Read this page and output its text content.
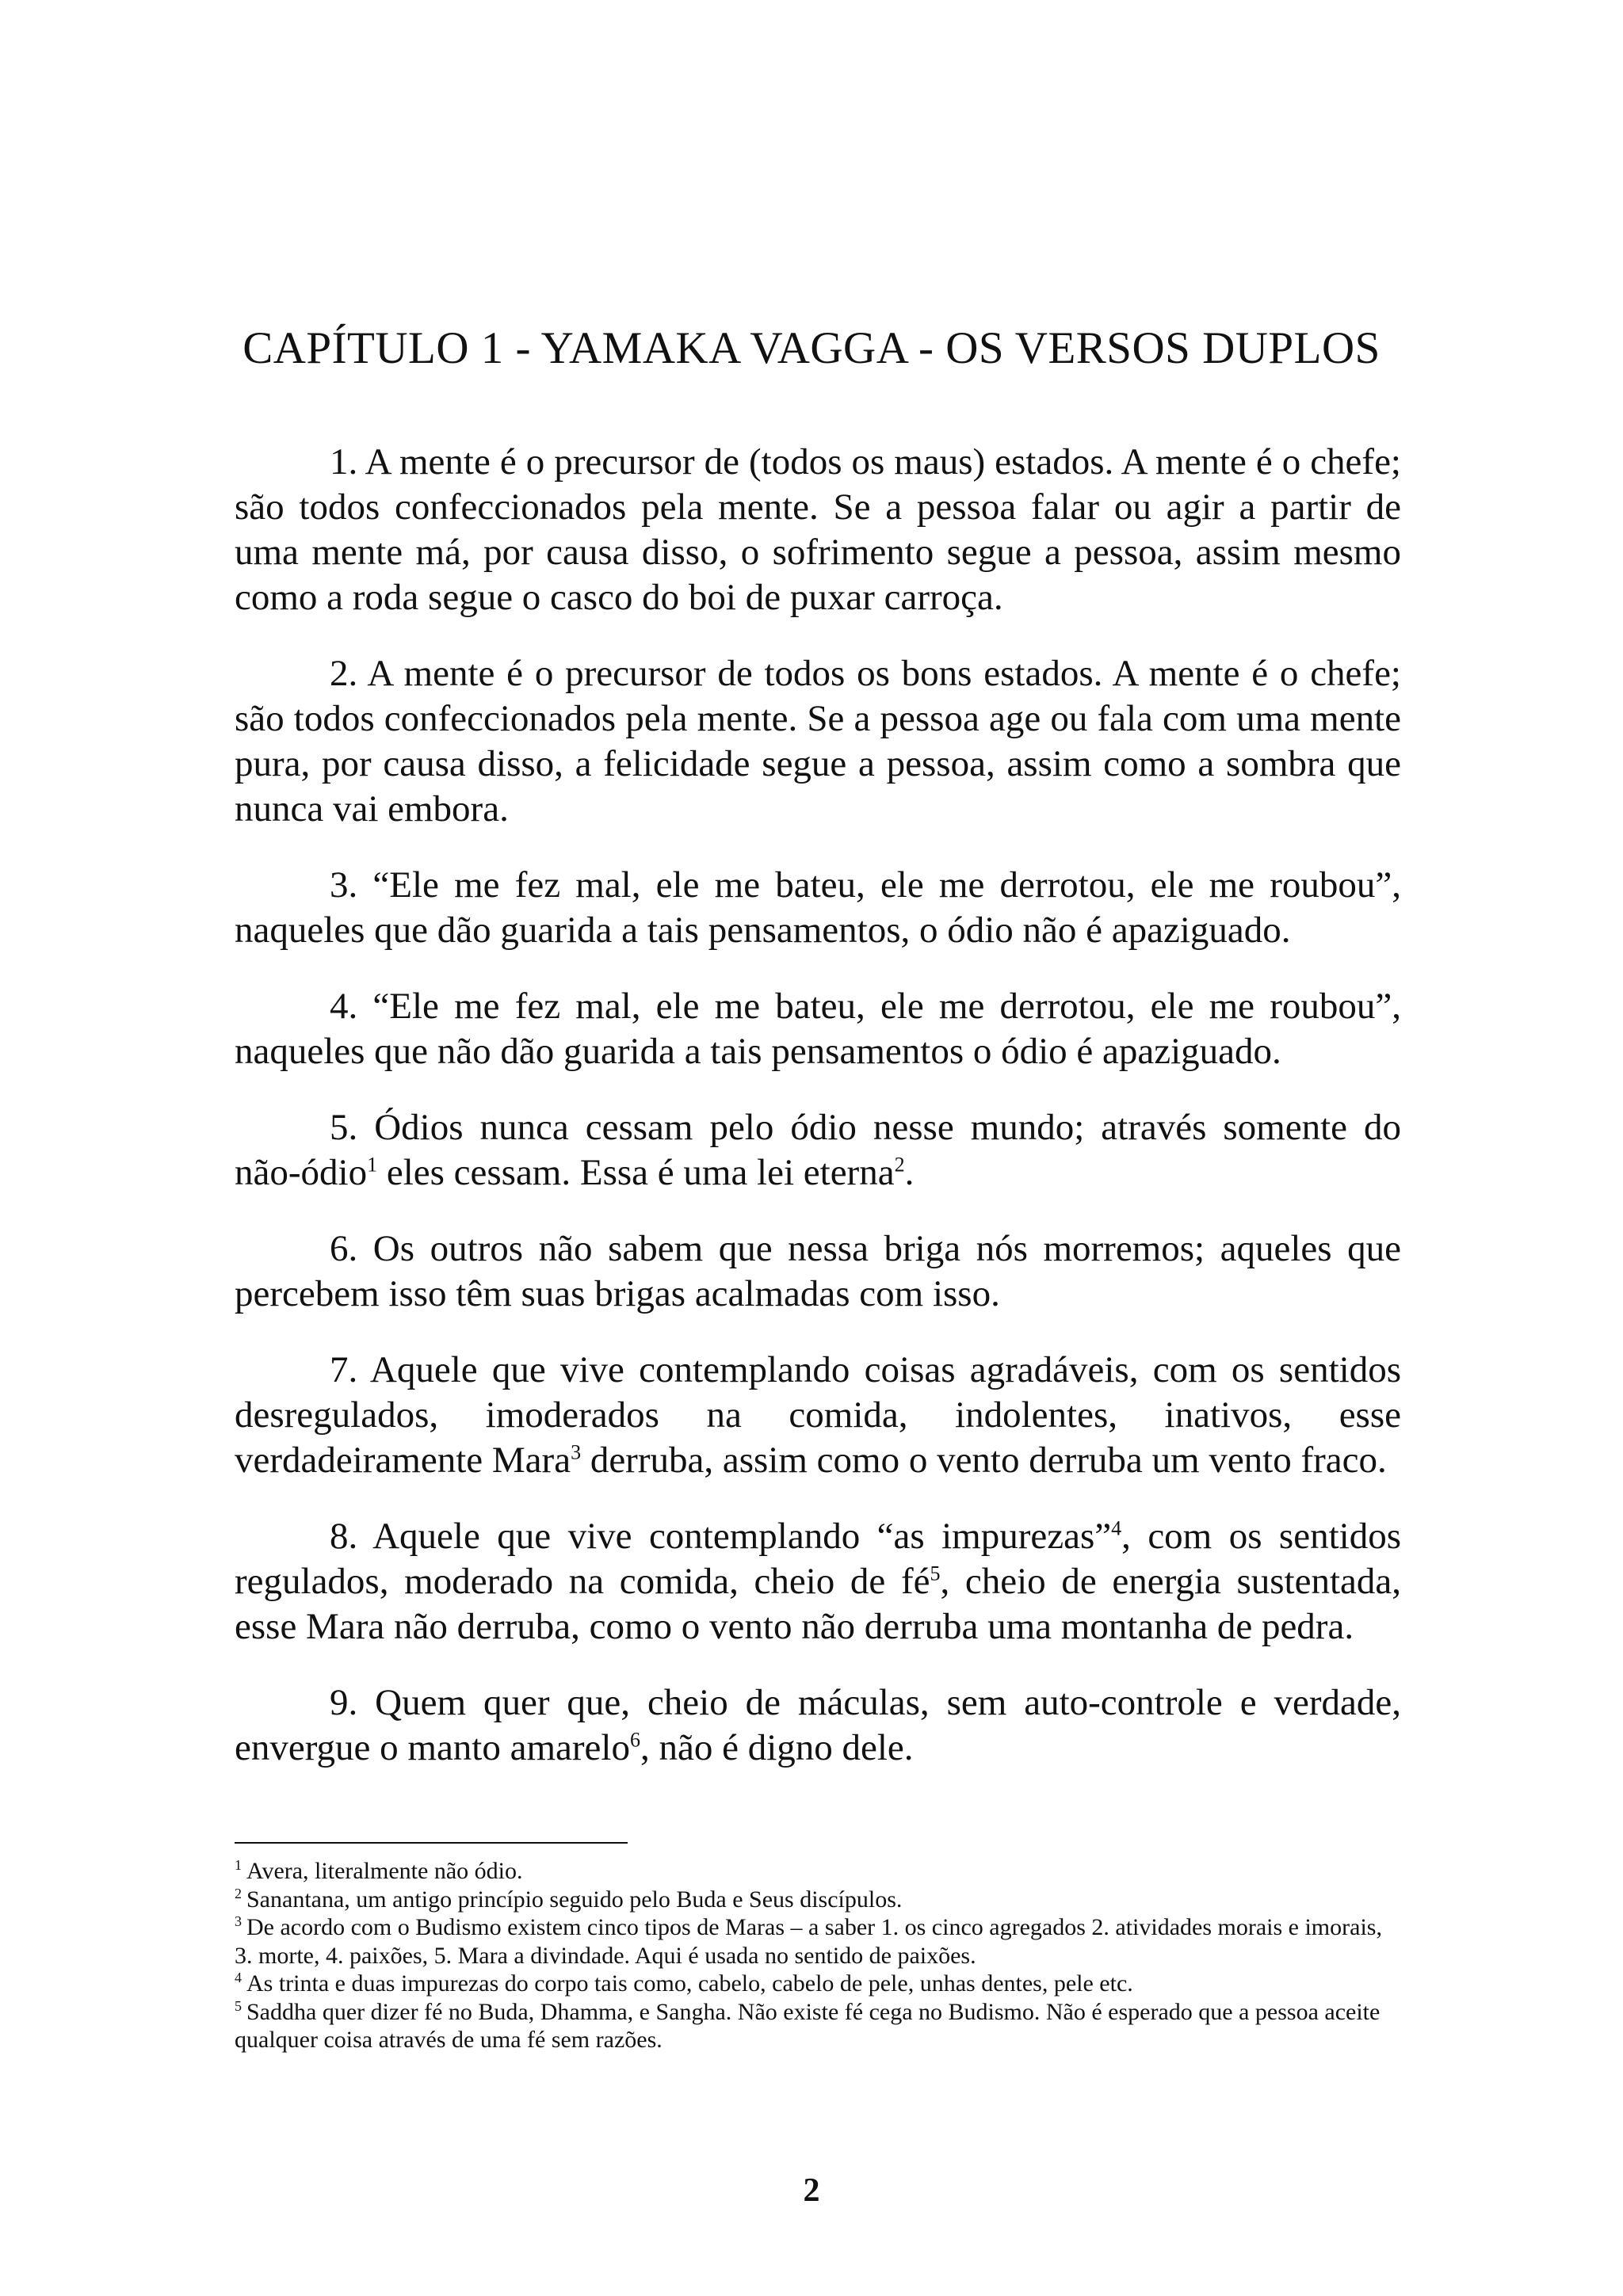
CAPÍTULO 1 - YAMAKA VAGGA - OS VERSOS DUPLOS

1. A mente é o precursor de (todos os maus) estados. A mente é o chefe; são todos confeccionados pela mente. Se a pessoa falar ou agir a partir de uma mente má, por causa disso, o sofrimento segue a pessoa, assim mesmo como a roda segue o casco do boi de puxar carroça.

2. A mente é o precursor de todos os bons estados. A mente é o chefe; são todos confeccionados pela mente. Se a pessoa age ou fala com uma mente pura, por causa disso, a felicidade segue a pessoa, assim como a sombra que nunca vai embora.

3. “Ele me fez mal, ele me bateu, ele me derrotou, ele me roubou”, naqueles que dão guarida a tais pensamentos, o ódio não é apaziguado.

4. “Ele me fez mal, ele me bateu, ele me derrotou, ele me roubou”, naqueles que não dão guarida a tais pensamentos o ódio é apaziguado.

5. Ódios nunca cessam pelo ódio nesse mundo; através somente do não-ódio$^1$ eles cessam. Essa é uma lei eterna$^2$.

6. Os outros não sabem que nessa briga nós morremos; aqueles que percebem isso têm suas brigas acalmadas com isso.

7. Aquele que vive contemplando coisas agradáveis, com os sentidos desregulados, imoderados na comida, indolentes, inativos, esse verdadeiramente Mara$^3$ derruba, assim como o vento derruba um vento fraco.

8. Aquele que vive contemplando “as impurezas”$^4$, com os sentidos regulados, moderado na comida, cheio de $fé^5$, cheio de energia sustentada, esse Mara não derruba, como o vento não derruba uma montanha de pedra.

9. Quem quer que, cheio de máculas, sem auto-controle e verdade, envergue o manto amarelo$^6$, não é digno dele.

$^1$ Avera, literalmente não ódio.

$^2$ Sanantana, um antigo princípio seguido pelo Buda e Seus discípulos.

$^3$ De acordo com o Budismo existem cinco tipos de Maras – a saber 1. os cinco agregados 2. atividades morais e imorais, 3. morte, 4. paixões, 5. Mara a divindade. Aqui é usada no sentido de paixões.

$^4$ As trinta e duas impurezas do corpo tais como, cabelo, cabelo de pele, unhas dentes, pele etc.

$^5$ Saddha quer dizer fé no Buda, Dhamma, e Sangha. Não existe fé cega no Budismo. Não é esperado que a pessoa aceite qualquer coisa através de uma fé sem razões.

2
